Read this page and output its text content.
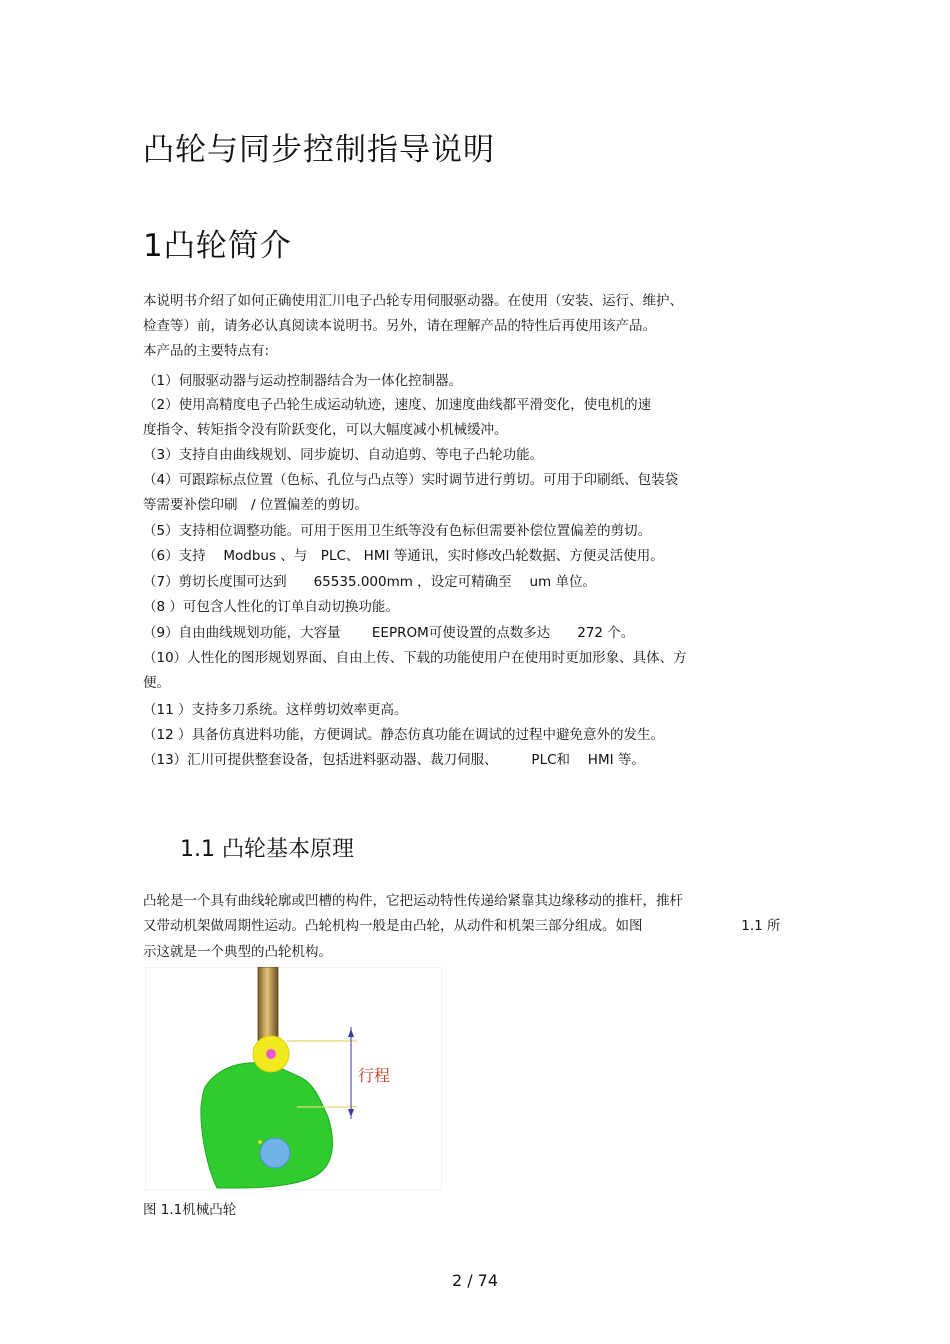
凸轮与同步控制指导说明
1凸轮简介

本说明书介绍了如何正确使用汇川电子凸轮专用伺服驱动器。在使用（安装、运行、维护、

检查等）前，请务必认真阅读本说明书。另外，请在理解产品的特性后再使用该产品。

本产品的主要特点有:

（1）伺服驱动器与运动控制器结合为一体化控制器。

（2）使用高精度电子凸轮生成运动轨迹，速度、加速度曲线都平滑变化，使电机的速

度指令、转矩指令没有阶跃变化，可以大幅度减小机械缓冲。

（3）支持自由曲线规划、同步旋切、自动追剪、等电子凸轮功能。

（4）可跟踪标点位置（色标、孔位与凸点等）实时调节进行剪切。可用于印刷纸、包装袋

等需要补偿印刷　/ 位置偏差的剪切。

（5）支持相位调整功能。可用于医用卫生纸等没有色标但需要补偿位置偏差的剪切。

（6）支持　 Modbus 、与　PLC、 HMI 等通讯，实时修改凸轮数据、方便灵活使用。

（7）剪切长度围可达到　　65535.000mm ，设定可精确至　 um 单位。

（8 ）可包含人性化的订单自动切换功能。

（9）自由曲线规划功能，大容量　　 EEPROM可使设置的点数多达　　272 个。

（10）人性化的图形规划界面、自由上传、下载的功能使用户在使用时更加形象、具体、方

便。

（11 ）支持多刀系统。这样剪切效率更高。

（12 ）具备仿真进料功能，方便调试。静态仿真功能在调试的过程中避免意外的发生。

（13）汇川可提供整套设备，包括进料驱动器、裁刀伺服、　　　PLC和　 HMI 等。

1.1 凸轮基本原理

凸轮是一个具有曲线轮廓或凹槽的构件，它把运动特性传递给紧靠其边缘移动的推杆，推杆

又带动机架做周期性运动。凸轮机构一般是由凸轮，从动件和机架三部分组成。如图　　　　　　　 1.1 所

示这就是一个典型的凸轮机构。

行程
图 1.1机械凸轮
2 / 74
